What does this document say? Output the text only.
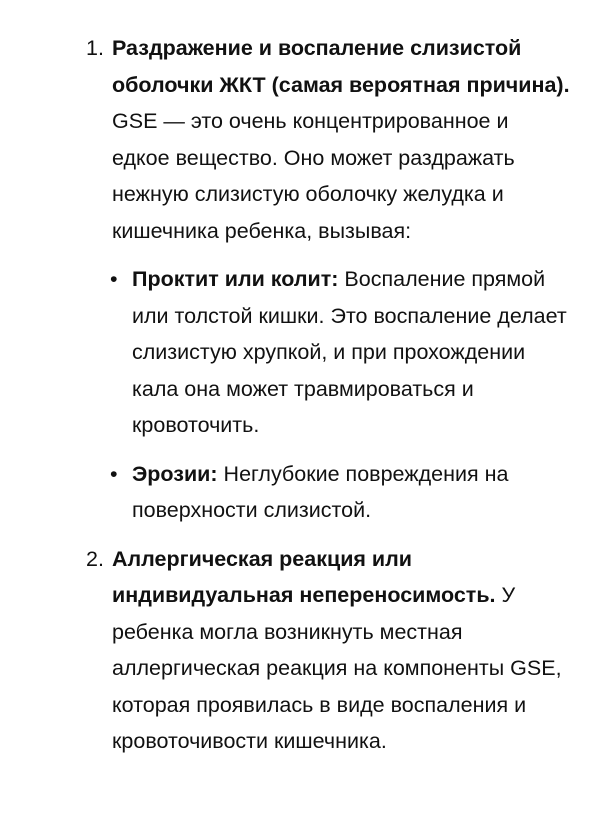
1. Раздражение и воспаление слизистой оболочки ЖКТ (самая вероятная причина). GSE — это очень концентрированное и едкое вещество. Оно может раздражать нежную слизистую оболочку желудка и кишечника ребенка, вызывая:
• Проктит или колит: Воспаление прямой или толстой кишки. Это воспаление делает слизистую хрупкой, и при прохождении кала она может травмироваться и кровоточить.
• Эрозии: Неглубокие повреждения на поверхности слизистой.
2. Аллергическая реакция или индивидуальная непереносимость. У ребенка могла возникнуть местная аллергическая реакция на компоненты GSE, которая проявилась в виде воспаления и кровоточивости кишечника.
